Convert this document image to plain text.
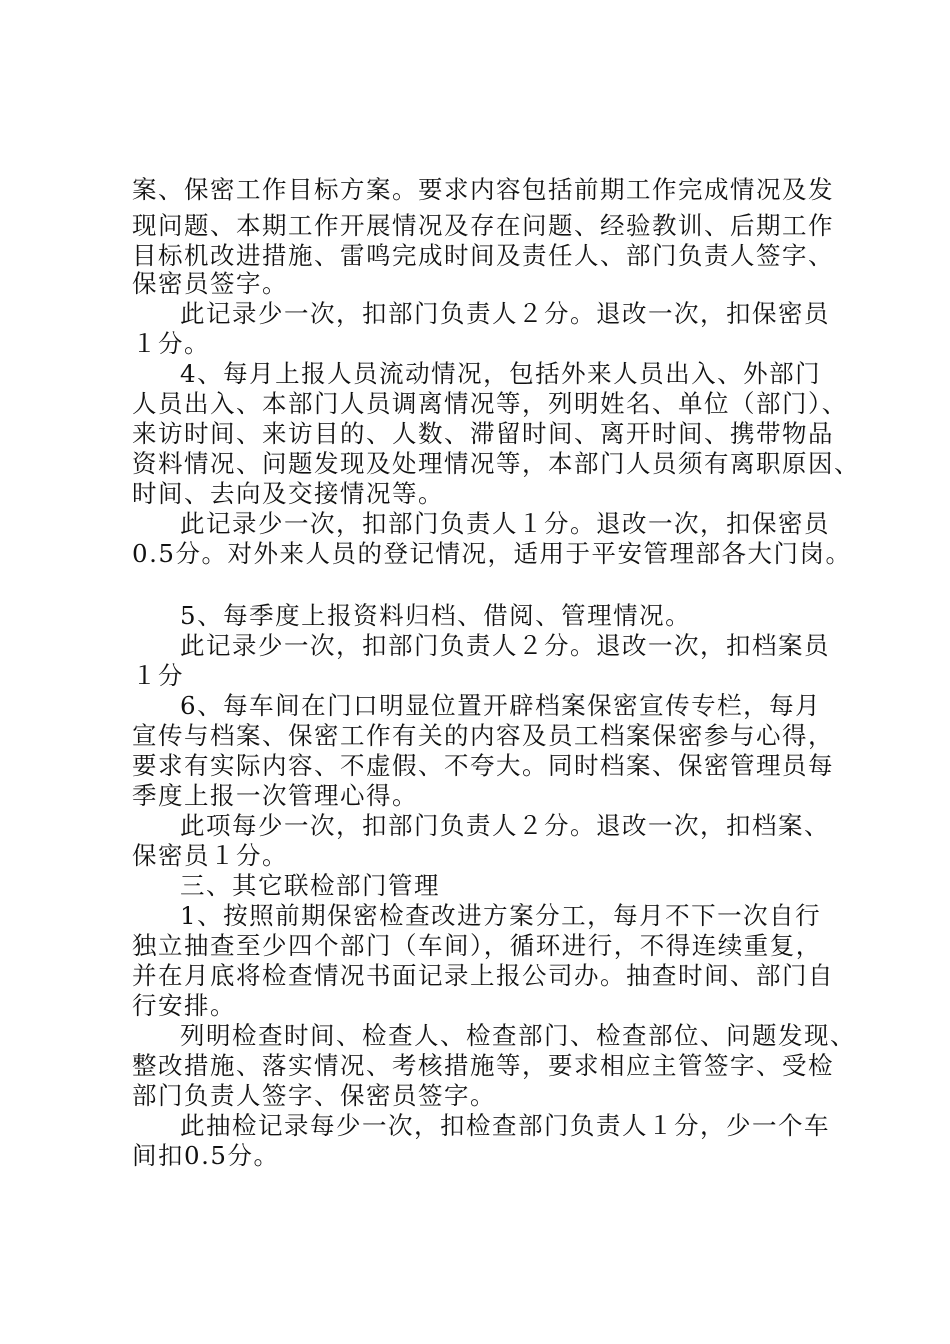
案、保密工作目标方案。要求内容包括前期工作完成情况及发
现问题、本期工作开展情况及存在问题、经验教训、后期工作
目标机改进措施、雷鸣完成时间及责任人、部门负责人签字、
保密员签字。
此记录少一次，扣部门负责人２分。退改一次，扣保密员
１分。
4、每月上报人员流动情况，包括外来人员出入、外部门
人员出入、本部门人员调离情况等，列明姓名、单位（部门）、
来访时间、来访目的、人数、滞留时间、离开时间、携带物品
资料情况、问题发现及处理情况等，本部门人员须有离职原因、
时间、去向及交接情况等。
此记录少一次，扣部门负责人１分。退改一次，扣保密员
0.5分。对外来人员的登记情况，适用于平安管理部各大门岗。
5、每季度上报资料归档、借阅、管理情况。
此记录少一次，扣部门负责人２分。退改一次，扣档案员
１分
6、每车间在门口明显位置开辟档案保密宣传专栏，每月
宣传与档案、保密工作有关的内容及员工档案保密参与心得，
要求有实际内容、不虚假、不夸大。同时档案、保密管理员每
季度上报一次管理心得。
此项每少一次，扣部门负责人２分。退改一次，扣档案、
保密员１分。
三、其它联检部门管理
1、按照前期保密检查改进方案分工，每月不下一次自行
独立抽查至少四个部门（车间），循环进行，不得连续重复，
并在月底将检查情况书面记录上报公司办。抽查时间、部门自
行安排。
列明检查时间、检查人、检查部门、检查部位、问题发现、
整改措施、落实情况、考核措施等，要求相应主管签字、受检
部门负责人签字、保密员签字。
此抽检记录每少一次，扣检查部门负责人１分，少一个车
间扣0.5分。
